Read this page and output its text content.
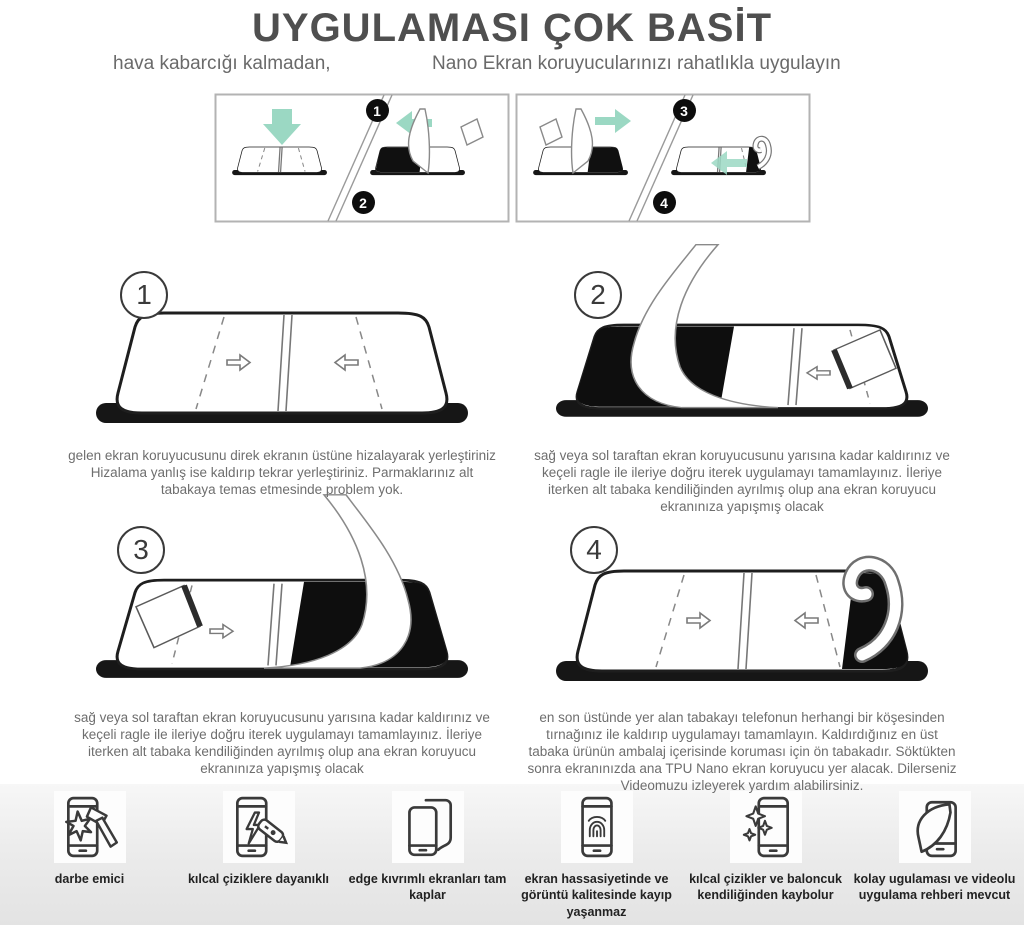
UYGULAMASI ÇOK BASİT
hava kabarcığı kalmadan,	Nano Ekran koruyucularınızı rahatlıkla uygulayın
1
2
3
4
1

gelen ekran koruyucusunu direk ekranın üstüne hizalayarak yerleştiriniz Hizalama yanlış ise kaldırıp tekrar yerleştiriniz. Parmaklarınız alt tabakaya temas etmesinde problem yok.

2

sağ veya sol taraftan ekran koruyucusunu yarısına kadar kaldırınız ve keçeli ragle ile ileriye doğru iterek uygulamayı tamamlayınız. İleriye iterken alt tabaka kendiliğinden ayrılmış olup ana ekran koruyucu ekranınıza yapışmış olacak

3

sağ veya sol taraftan ekran koruyucusunu yarısına kadar kaldırınız ve keçeli ragle ile ileriye doğru iterek uygulamayı tamamlayınız. İleriye iterken alt tabaka kendiliğinden ayrılmış olup ana ekran koruyucu ekranınıza yapışmış olacak

4

en son üstünde yer alan tabakayı telefonun herhangi bir köşesinden tırnağınız ile kaldırıp uygulamayı tamamlayın. Kaldırdığınız en üst tabaka ürünün ambalaj içerisinde koruması için ön tabakadır. Söktükten sonra ekranınızda ana TPU Nano ekran koruyucu yer alacak. Dilerseniz Videomuzu izleyerek yardım alabilirsiniz.

darbe emici	kılcal çiziklere dayanıklı edge kıvrımlı ekranları tam kaplar
ekran hassasiyetinde ve görüntü kalitesinde kayıp yaşanmaz
kılcal çizikler ve baloncuk kendiliğinden kaybolur
kolay ugulaması ve videolu uygulama rehberi mevcut
